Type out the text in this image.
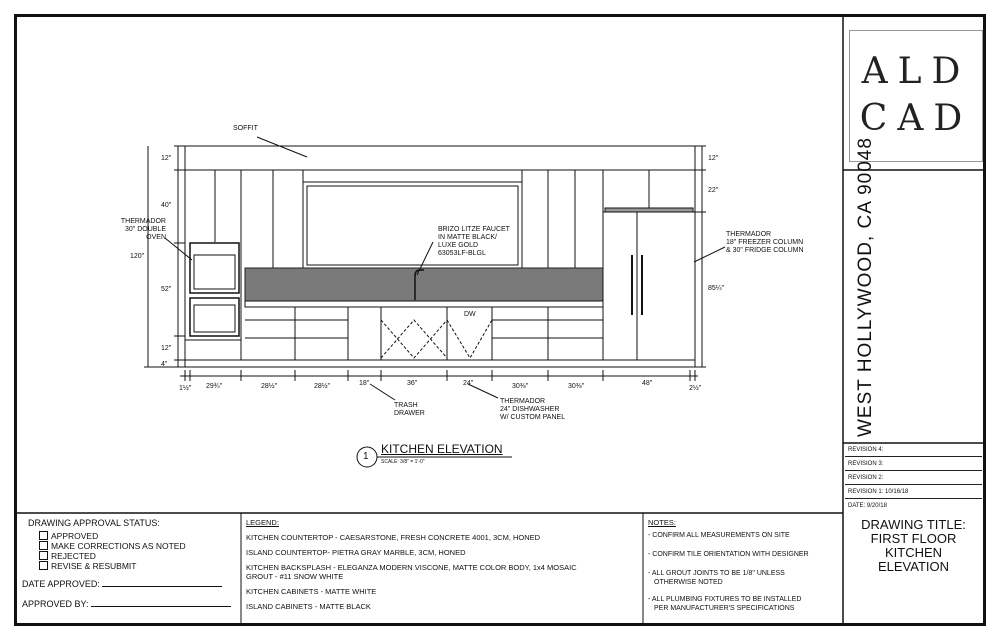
SOFFIT
THERMADOR
30" DOUBLE
OVEN
BRIZO LITZE FAUCET
IN MATTE BLACK/
LUXE GOLD
63053LF-BLGL
THERMADOR
18" FREEZER COLUMN
& 30" FRIDGE COLUMN
TRASH
DRAWER
THERMADOR
24" DISHWASHER
W/ CUSTOM PANEL
DW
12"
40"
52"
12"
4"
120"
12"
22"
85¼"
1½" 29¾"	28½"	28½"	18"	36"	24"	30⅜"	30⅜"	48"
2½"
1
KITCHEN ELEVATION
SCALE: 3/8" = 1'-0"
ALD
CAD
WEST HOLLYWOOD, CA 90048
REVISION 4:
REVISION 3:
REVISION 2:
REVISION 1: 10/16/18
DATE: 9/20/18
DRAWING TITLE:
FIRST FLOOR
KITCHEN
ELEVATION
DRAWING APPROVAL STATUS:
APPROVED
MAKE CORRECTIONS AS NOTED
REJECTED
REVISE & RESUBMIT
DATE APPROVED:
APPROVED BY:
LEGEND:
KITCHEN COUNTERTOP - CAESARSTONE, FRESH CONCRETE 4001, 3CM, HONED
ISLAND COUNTERTOP- PIETRA GRAY MARBLE, 3CM, HONED
KITCHEN BACKSPLASH - ELEGANZA MODERN VISCONE, MATTE COLOR BODY, 1x4 MOSAIC
GROUT - #11 SNOW WHITE
KITCHEN CABINETS - MATTE WHITE
ISLAND CABINETS - MATTE BLACK
NOTES:
- CONFIRM ALL MEASUREMENTS ON SITE
- CONFIRM TILE ORIENTATION WITH DESIGNER
- ALL GROUT JOINTS TO BE 1/8" UNLESS
OTHERWISE NOTED
- ALL PLUMBING FIXTURES TO BE INSTALLED
PER MANUFACTURER'S SPECIFICATIONS
